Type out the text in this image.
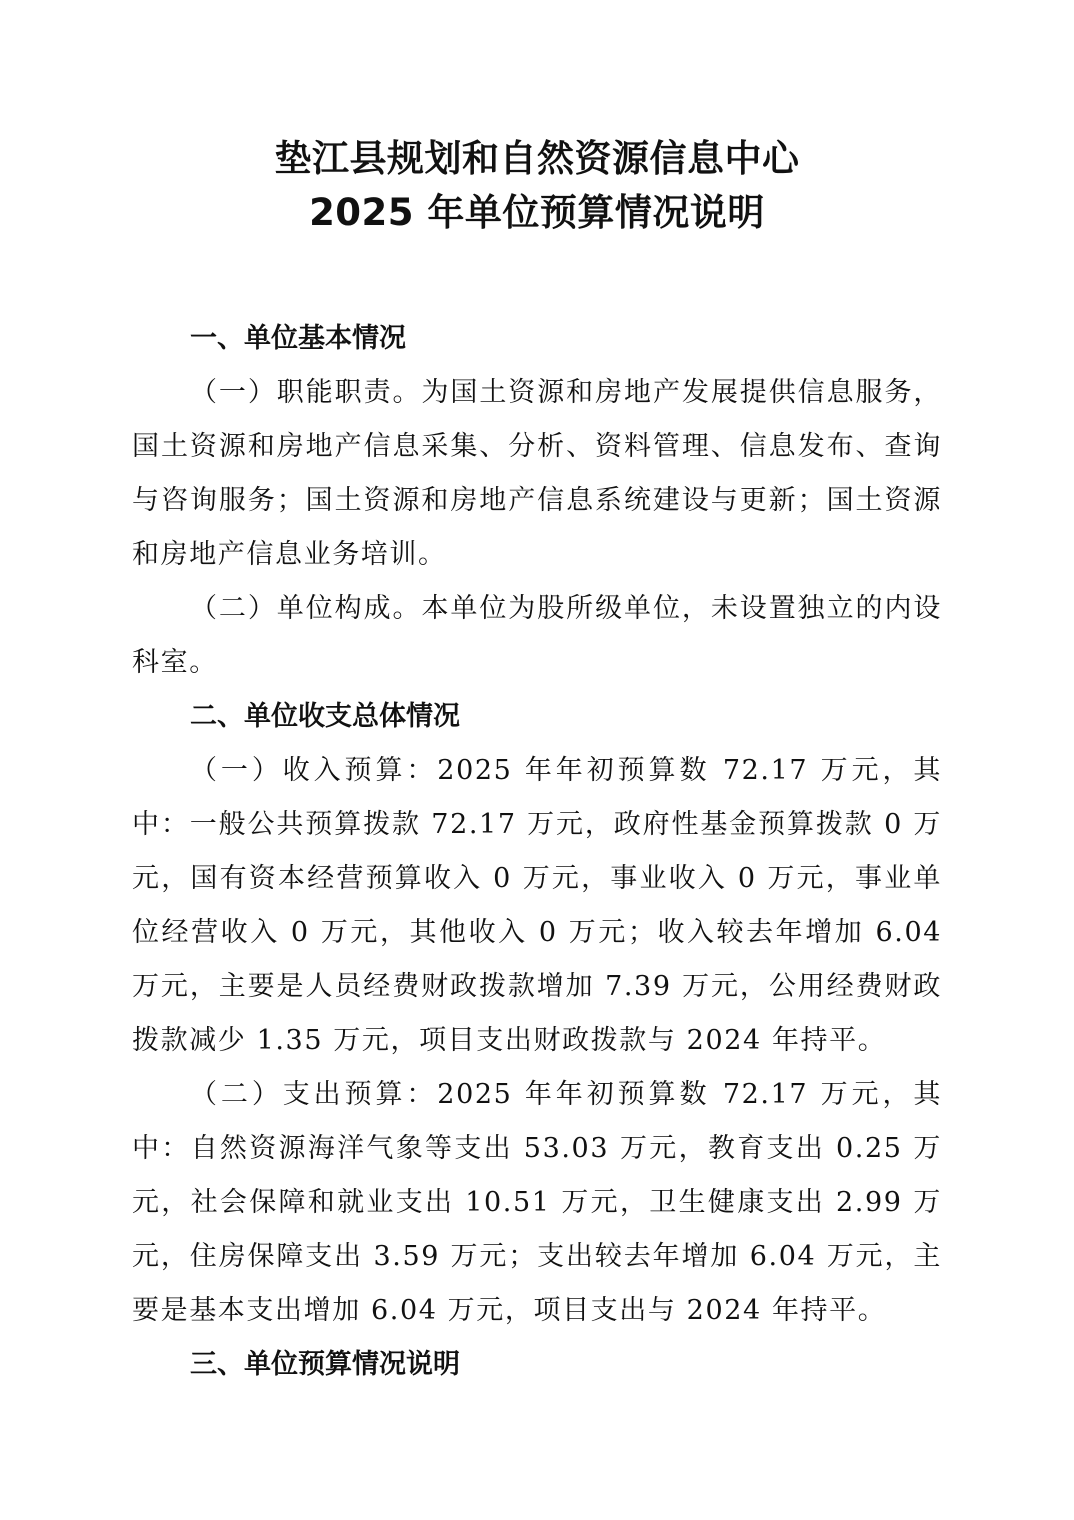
垫江县规划和自然资源信息中心
2025 年单位预算情况说明

一、单位基本情况

（一）职能职责。为国土资源和房地产发展提供信息服务，国土资源和房地产信息采集、分析、资料管理、信息发布、查询与咨询服务；国土资源和房地产信息系统建设与更新；国土资源和房地产信息业务培训。

（二）单位构成。本单位为股所级单位，未设置独立的内设科室。

二、单位收支总体情况

（一）收入预算：2025 年年初预算数 72.17 万元，其中：一般公共预算拨款 72.17 万元，政府性基金预算拨款 0 万元，国有资本经营预算收入 0 万元，事业收入 0 万元，事业单位经营收入 0 万元，其他收入 0 万元；收入较去年增加 6.04 万元，主要是人员经费财政拨款增加 7.39 万元，公用经费财政拨款减少 1.35 万元，项目支出财政拨款与 2024 年持平。

（二）支出预算：2025 年年初预算数 72.17 万元，其中：自然资源海洋气象等支出 53.03 万元，教育支出 0.25 万元，社会保障和就业支出 10.51 万元，卫生健康支出 2.99 万元，住房保障支出 3.59 万元；支出较去年增加 6.04 万元，主要是基本支出增加 6.04 万元，项目支出与 2024 年持平。

三、单位预算情况说明
